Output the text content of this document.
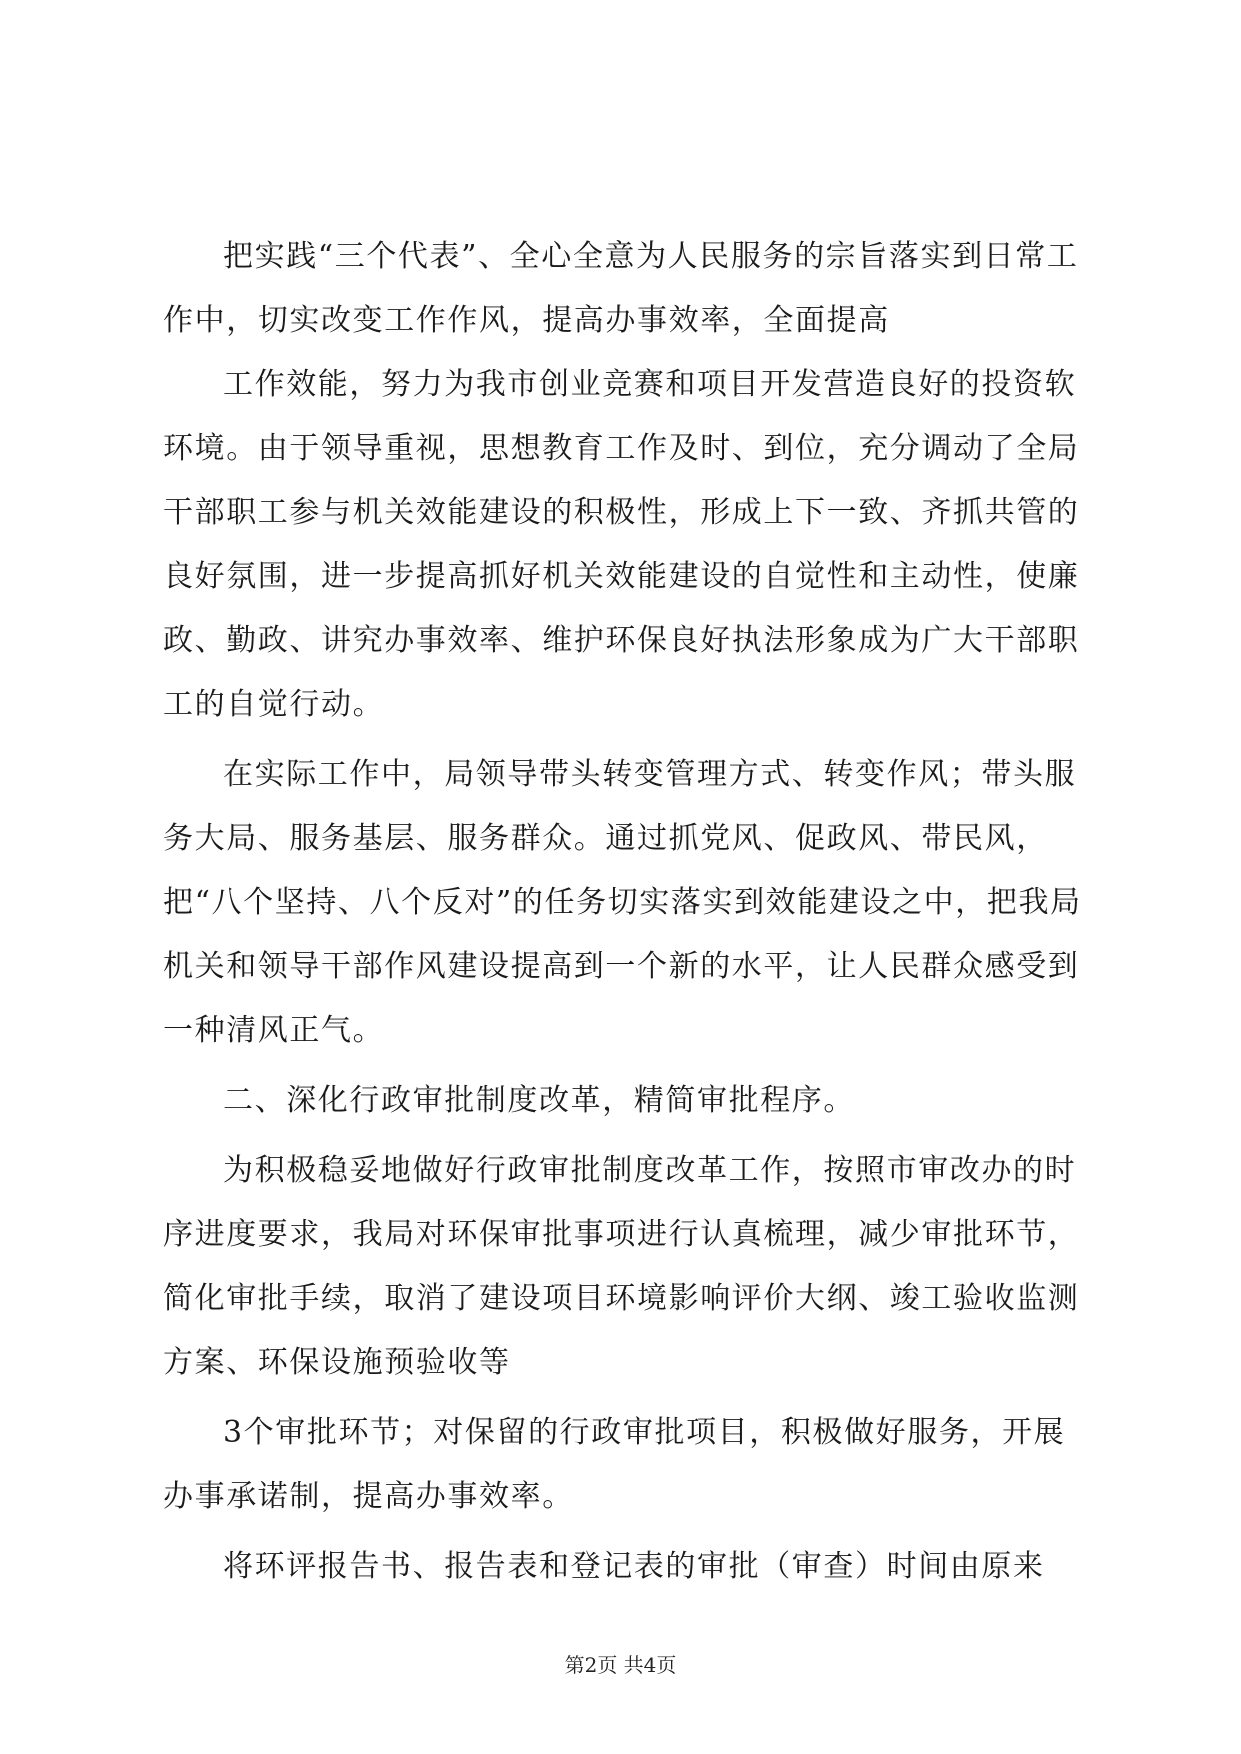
把实践“三个代表”、全心全意为人民服务的宗旨落实到日常工作中，切实改变工作作风，提高办事效率，全面提高

工作效能，努力为我市创业竞赛和项目开发营造良好的投资软环境。由于领导重视，思想教育工作及时、到位，充分调动了全局干部职工参与机关效能建设的积极性，形成上下一致、齐抓共管的良好氛围，进一步提高抓好机关效能建设的自觉性和主动性，使廉政、勤政、讲究办事效率、维护环保良好执法形象成为广大干部职工的自觉行动。

在实际工作中，局领导带头转变管理方式、转变作风；带头服务大局、服务基层、服务群众。通过抓党风、促政风、带民风，把“八个坚持、八个反对”的任务切实落实到效能建设之中，把我局机关和领导干部作风建设提高到一个新的水平，让人民群众感受到一种清风正气。

二、深化行政审批制度改革，精简审批程序。

为积极稳妥地做好行政审批制度改革工作，按照市审改办的时序进度要求，我局对环保审批事项进行认真梳理，减少审批环节，简化审批手续，取消了建设项目环境影响评价大纲、竣工验收监测方案、环保设施预验收等

3个审批环节；对保留的行政审批项目，积极做好服务，开展办事承诺制，提高办事效率。

将环评报告书、报告表和登记表的审批（审查）时间由原来

第2页 共4页
